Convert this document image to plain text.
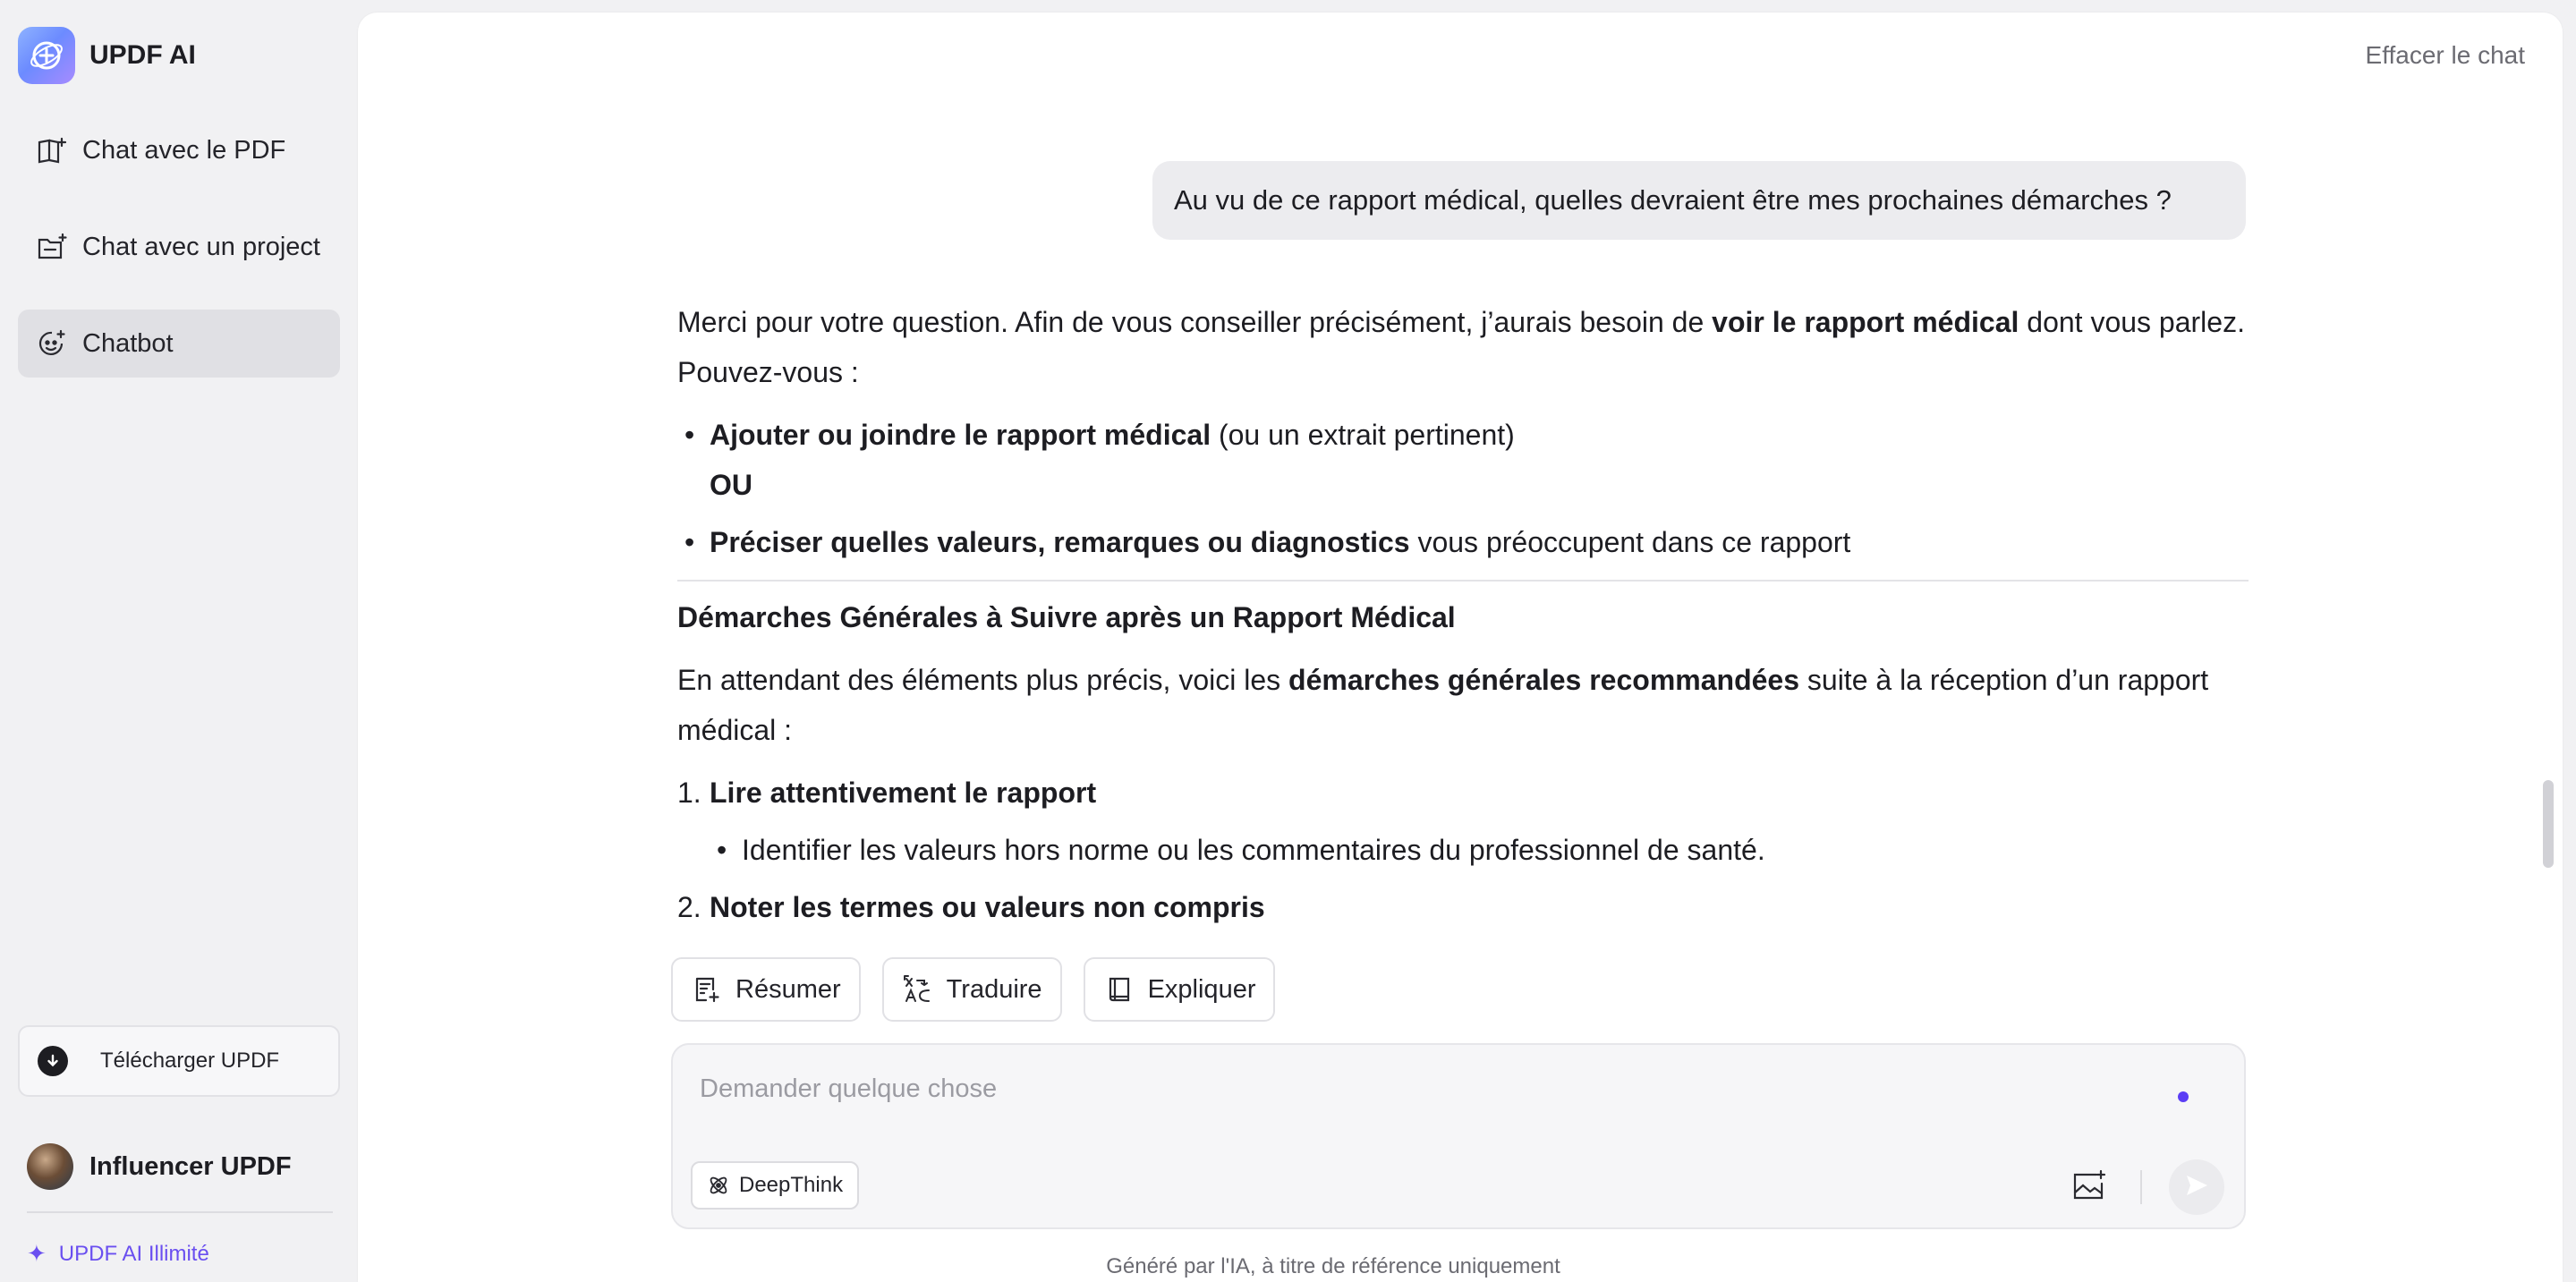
UPDF AI
Chat avec le PDF
Chat avec un project
Chatbot
Télécharger UPDF
Influencer UPDF
✦ UPDF AI Illimité
Effacer le chat
Au vu de ce rapport médical, quelles devraient être mes prochaines démarches ?

Merci pour votre question. Afin de vous conseiller précisément, j’aurais besoin de voir le rapport médical dont vous parlez. Pouvez-vous :

• Ajouter ou joindre le rapport médical (ou un extrait pertinent)
OU
• Préciser quelles valeurs, remarques ou diagnostics vous préoccupent dans ce rapport
Démarches Générales à Suivre après un Rapport Médical

En attendant des éléments plus précis, voici les démarches générales recommandées suite à la réception d’un rapport médical :

1. Lire attentivement le rapport
• Identifier les valeurs hors norme ou les commentaires du professionnel de santé.
2. Noter les termes ou valeurs non compris
Résumer	Traduire	Expliquer
Demander quelque chose
DeepThink
Généré par l'IA, à titre de référence uniquement
